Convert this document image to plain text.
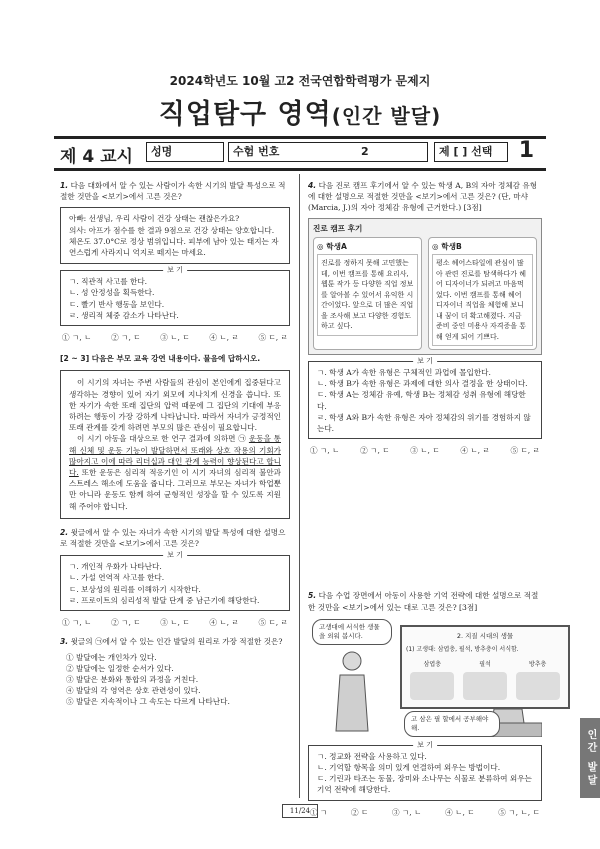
2024학년도 10월 고2 전국연합학력평가 문제지
직업탐구 영역(인간 발달)
제 4 교시	성명	수험 번호	2	제 [ ] 선택	1
1. 다음 대화에서 알 수 있는 사람이가 속한 시기의 발달 특성으로 적절한 것만을 <보기>에서 고른 것은?
아빠: 선생님, 우리 사람이 건강 상태는 괜찮은가요?
의사: 아프가 점수를 한 결과 9점으로 건강 상태는 양호합니다. 체온도 37.0°C로 정상 범위입니다. 피부에 남아 있는 태지는 자연스럽게 사라지니 억지로 떼지는 마세요.
보 기
ㄱ. 직관적 사고를 한다.
ㄴ. 성 안정성을 획득한다.
ㄷ. 빨기 반사 행동을 보인다.
ㄹ. 생리적 체중 감소가 나타난다.
① ㄱ, ㄴ	② ㄱ, ㄷ	③ ㄴ, ㄷ	④ ㄴ, ㄹ	⑤ ㄷ, ㄹ
[2 ~ 3] 다음은 부모 교육 강연 내용이다. 물음에 답하시오.
이 시기의 자녀는 주변 사람들의 관심이 본인에게 집중된다고 생각하는 경향이 있어 자기 외모에 지나치게 신경을 씁니다. 또한 자기가 속한 또래 집단의 압력 때문에 그 집단의 기대에 부응하려는 행동이 가장 강하게 나타납니다. 따라서 자녀가 긍정적인 또래 관계를 갖게 하려면 부모의 많은 관심이 필요합니다.
이 시기 아동을 대상으로 한 연구 결과에 의하면 ㉠ 운동을 통해 신체 및 운동 기능이 발달하면서 또래와 상호 작용의 기회가 많아지고 이에 따라 리더십과 대인 관계 능력이 향상된다고 합니다. 또한 운동은 심리적 적응기인 이 시기 자녀의 심리적 불안과 스트레스 해소에 도움을 줍니다. 그러므로 부모는 자녀가 학업뿐만 아니라 운동도 함께 하여 균형적인 성장을 할 수 있도록 지원해 주어야 합니다.
2. 윗글에서 알 수 있는 자녀가 속한 시기의 발달 특성에 대한 설명으로 적절한 것만을 <보기>에서 고른 것은?
보 기
ㄱ. 개인적 우화가 나타난다.
ㄴ. 가설 연역적 사고를 한다.
ㄷ. 보상성의 원리를 이해하기 시작한다.
ㄹ. 프로이트의 심리성적 발달 단계 중 남근기에 해당한다.
① ㄱ, ㄴ	② ㄱ, ㄷ	③ ㄴ, ㄷ	④ ㄴ, ㄹ	⑤ ㄷ, ㄹ
3. 윗글의 ㉠에서 알 수 있는 인간 발달의 원리로 가장 적절한 것은?
① 발달에는 개인차가 있다.
② 발달에는 일정한 순서가 있다.
③ 발달은 분화와 통합의 과정을 거친다.
④ 발달의 각 영역은 상호 관련성이 있다.
⑤ 발달은 지속적이나 그 속도는 다르게 나타난다.
4. 다음 진로 캠프 후기에서 알 수 있는 학생 A, B의 자아 정체감 유형에 대한 설명으로 적절한 것만을 <보기>에서 고른 것은? (단, 마샤(Marcia, J.)의 자아 정체감 유형에 근거한다.) [3점]
진로 캠프 후기
◎ 학생A
진로를 정하지 못해 고민했는데, 이번 캠프를 통해 요리사, 웹툰 작가 등 다양한 직업 정보를 알아볼 수 있어서 유익한 시간이었다. 앞으로 더 많은 직업을 조사해 보고 다양한 경험도 하고 싶다.
◎ 학생B
평소 헤어스타일에 관심이 많아 관련 진로를 탐색하다가 헤어 디자이너가 되려고 마음먹었다. 이번 캠프를 통해 헤어 디자이너 직업을 체험해 보니 내 꿈이 더 확고해졌다. 지금 준비 중인 미용사 자격증을 통해 얻게 되어 기쁘다.
보 기
ㄱ. 학생 A가 속한 유형은 구체적인 과업에 몰입한다.
ㄴ. 학생 B가 속한 유형은 과제에 대한 의사 결정을 한 상태이다.
ㄷ. 학생 A는 정체감 유예, 학생 B는 정체감 성취 유형에 해당한다.
ㄹ. 학생 A와 B가 속한 유형은 자아 정체감의 위기를 경험하지 않는다.
① ㄱ, ㄴ	② ㄱ, ㄷ	③ ㄴ, ㄷ	④ ㄴ, ㄹ	⑤ ㄷ, ㄹ
5. 다음 수업 장면에서 아동이 사용한 기억 전략에 대한 설명으로 적절한 것만을 <보기>에서 있는 대로 고른 것은? [3점]
고생대에 서식한 생물을 외워 봅시다.	2. 지질 시대의 생물
(1) 고생대: 삼엽충, 필석, 방추충이 서식함.
삼엽충	필석	방추충
고 삼은 필 할에서 공부해야 해.
보 기
ㄱ. 정교화 전략을 사용하고 있다.
ㄴ. 기억할 항목을 의미 있게 연결하여 외우는 방법이다.
ㄷ. 기린과 타조는 동물, 장미와 소나무는 식물로 분류하여 외우는 기억 전략에 해당한다.
① ㄱ	② ㄷ	③ ㄱ, ㄴ	④ ㄴ, ㄷ	⑤ ㄱ, ㄴ, ㄷ
인간 발달
11/24
